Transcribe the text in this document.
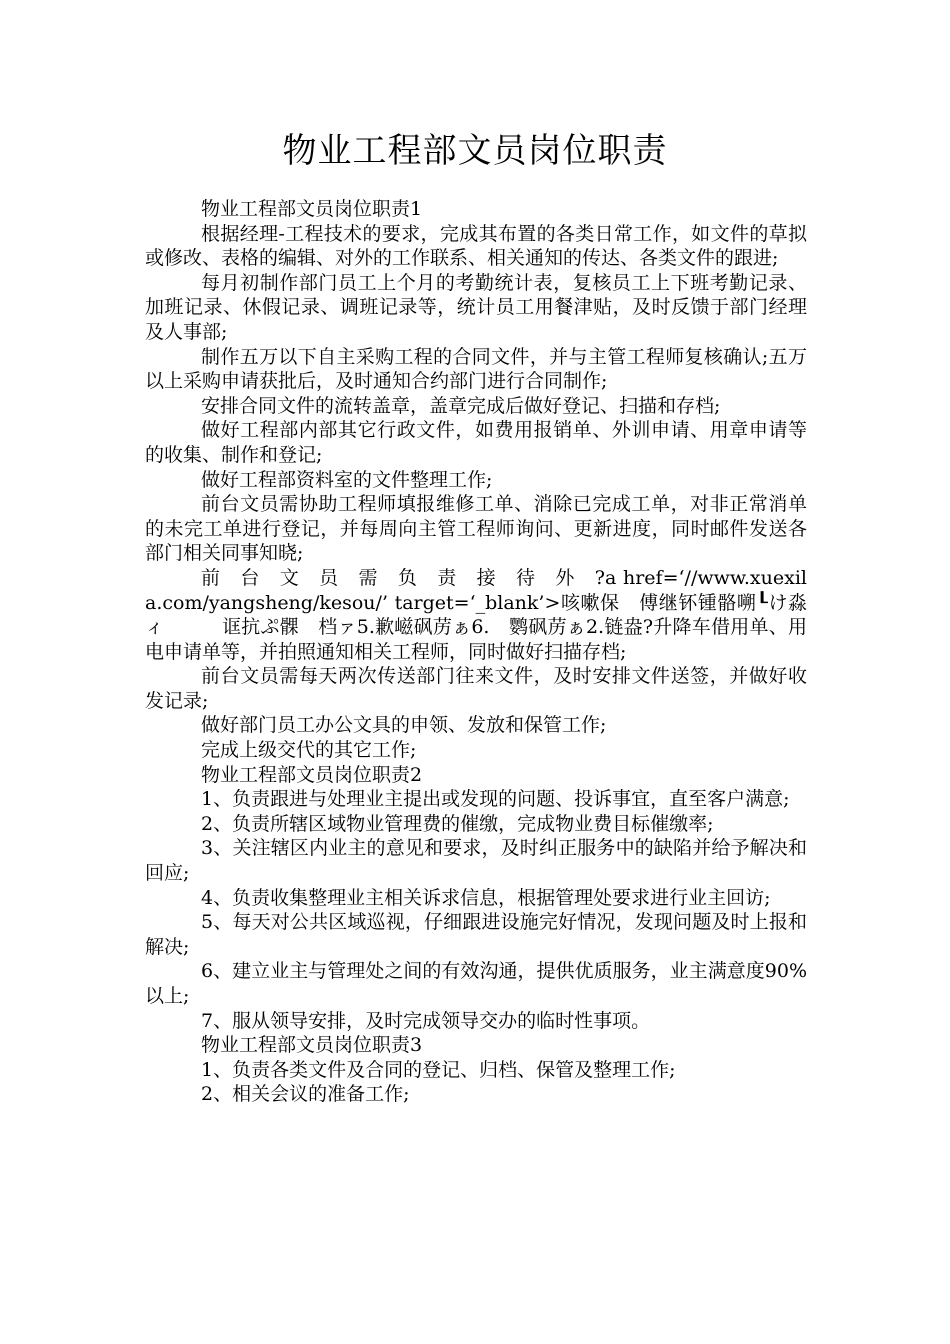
物业工程部文员岗位职责

物业工程部文员岗位职责1

根据经理-工程技术的要求，完成其布置的各类日常工作，如文件的草拟或修改、表格的编辑、对外的工作联系、相关通知的传达、各类文件的跟进;

每月初制作部门员工上个月的考勤统计表，复核员工上下班考勤记录、加班记录、休假记录、调班记录等，统计员工用餐津贴，及时反馈于部门经理及人事部;

制作五万以下自主采购工程的合同文件，并与主管工程师复核确认;五万以上采购申请获批后，及时通知合约部门进行合同制作;

安排合同文件的流转盖章，盖章完成后做好登记、扫描和存档;

做好工程部内部其它行政文件，如费用报销单、外训申请、用章申请等的收集、制作和登记;

做好工程部资料室的文件整理工作;

前台文员需协助工程师填报维修工单、消除已完成工单，对非正常消单的未完工单进行登记，并每周向主管工程师询问、更新进度，同时邮件发送各部门相关同事知晓;

前　台　文　员　需　负　责　接　待　外　?a href=‘//www.xuexila.com/yangsheng/kesou/’ target=‘_blank’>咳嗽保　傅继钚锺骼嗍┖け淼ィ　　　诓抗ぷ髁　档ァ5.歉嵫砜苈ぁ6.　鹦砜苈ぁ2.链盎?升降车借用单、用电申请单等，并拍照通知相关工程师，同时做好扫描存档;

前台文员需每天两次传送部门往来文件，及时安排文件送签，并做好收发记录;

做好部门员工办公文具的申领、发放和保管工作;

完成上级交代的其它工作;

物业工程部文员岗位职责2

1、负责跟进与处理业主提出或发现的问题、投诉事宜，直至客户满意;

2、负责所辖区域物业管理费的催缴，完成物业费目标催缴率;

3、关注辖区内业主的意见和要求，及时纠正服务中的缺陷并给予解决和回应;

4、负责收集整理业主相关诉求信息，根据管理处要求进行业主回访;

5、每天对公共区域巡视，仔细跟进设施完好情况，发现问题及时上报和解决;

6、建立业主与管理处之间的有效沟通，提供优质服务，业主满意度90%以上;

7、服从领导安排，及时完成领导交办的临时性事项。

物业工程部文员岗位职责3

1、负责各类文件及合同的登记、归档、保管及整理工作;

2、相关会议的准备工作;
